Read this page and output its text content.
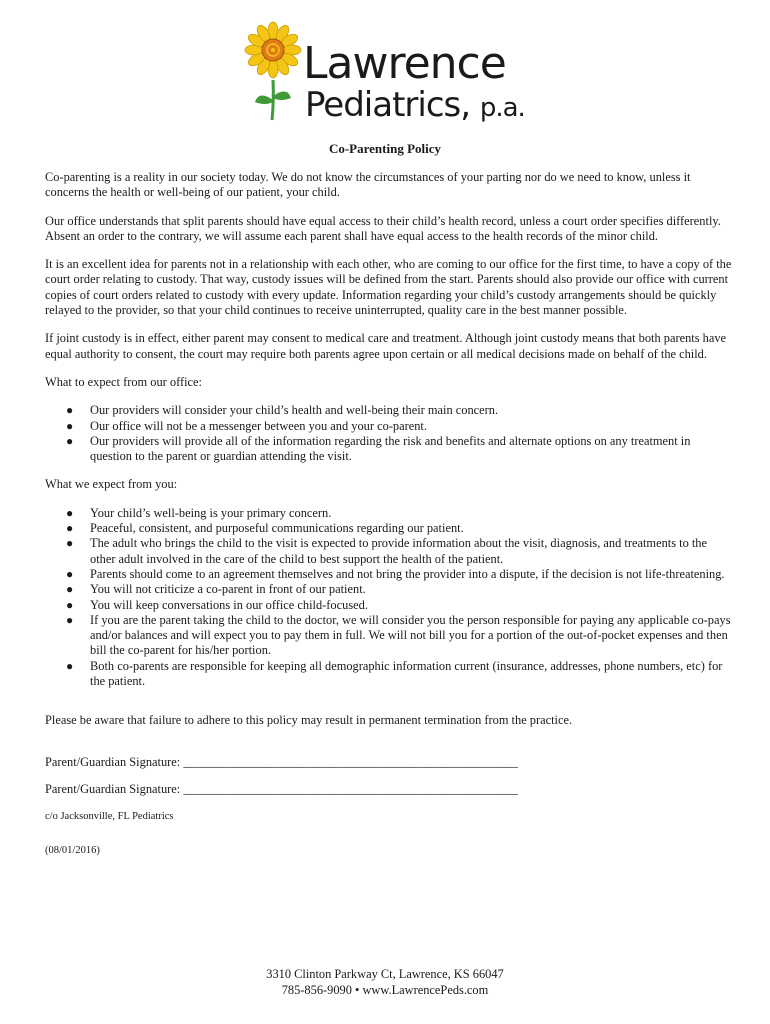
Lawrence
Pediatrics, p.a.
Co-Parenting Policy

Co-parenting is a reality in our society today. We do not know the circumstances of your parting nor do we need to know, unless it concerns the health or well-being of our patient, your child.

Our office understands that split parents should have equal access to their child’s health record, unless a court order specifies differently. Absent an order to the contrary, we will assume each parent shall have equal access to the health records of the minor child.

It is an excellent idea for parents not in a relationship with each other, who are coming to our office for the first time, to have a copy of the court order relating to custody. That way, custody issues will be defined from the start. Parents should also provide our office with current copies of court orders related to custody with every update. Information regarding your child’s custody arrangements should be quickly relayed to the provider, so that your child continues to receive uninterrupted, quality care in the best manner possible.

If joint custody is in effect, either parent may consent to medical care and treatment. Although joint custody means that both parents have equal authority to consent, the court may require both parents agree upon certain or all medical decisions made on behalf of the child.

What to expect from our office:

● Our providers will consider your child’s health and well-being their main concern.
● Our office will not be a messenger between you and your co-parent.
● Our providers will provide all of the information regarding the risk and benefits and alternate options on any treatment in question to the parent or guardian attending the visit.

What we expect from you:

● Your child’s well-being is your primary concern.
● Peaceful, consistent, and purposeful communications regarding our patient.
● The adult who brings the child to the visit is expected to provide information about the visit, diagnosis, and treatments to the other adult involved in the care of the child to best support the health of the patient.
● Parents should come to an agreement themselves and not bring the provider into a dispute, if the decision is not life-threatening.
● You will not criticize a co-parent in front of our patient.
● You will keep conversations in our office child-focused.
● If you are the parent taking the child to the doctor, we will consider you the person responsible for paying any applicable co-pays and/or balances and will expect you to pay them in full. We will not bill you for a portion of the out-of-pocket expenses and then bill the co-parent for his/her portion.
● Both co-parents are responsible for keeping all demographic information current (insurance, addresses, phone numbers, etc) for the patient.

Please be aware that failure to adhere to this policy may result in permanent termination from the practice.

Parent/Guardian Signature: ______________________________________________________
Parent/Guardian Signature: ______________________________________________________
c/o Jacksonville, FL Pediatrics
(08/01/2016)
3310 Clinton Parkway Ct, Lawrence, KS 66047
785-856-9090 • www.LawrencePeds.com
